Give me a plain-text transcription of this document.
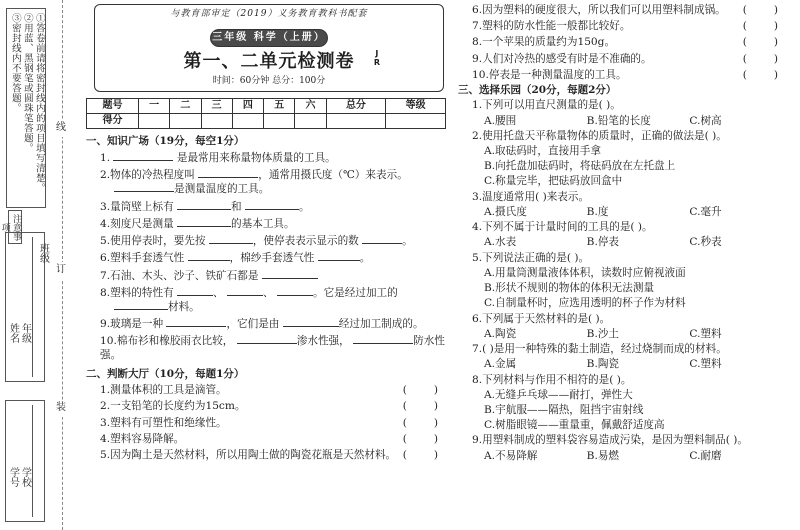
①答卷前请将密封线内的项目填写清楚。
②用蓝、黑钢笔或圆珠笔答题。
③密封线内不要答题。
注意事项
线
订
装
班级
年级
姓名
学校
学号
与教育部审定（2019）义务教育教科书配套
三年级 科学（上册）
第一、二单元检测卷	J
R
时间：60分钟 总分：100分
题号	一	二	三	四	五	六	总分	等级
得分								
一、知识广场（19分，每空1分）
1.	是最常用来称量物体质量的工具。
2.物体的冷热程度叫	，通常用摄氏度（℃）来表示。
是测量温度的工具。
3.量筒壁上标有	和	。
4.刻度尺是测量	的基本工具。
5.使用停表时，要先按	，使停表表示显示的数	。
6.塑料手套透气性	，棉纱手套透气性	。
7.石油、木头、沙子、铁矿石都是
8.塑料的特性有	、	、	。它是经过加工的
材料。
9.玻璃是一种	，它们是由	经过加工制成的。
10.棉布衫和橡胶雨衣比较，	渗水性强，	防水性强。
二、判断大厅（10分，每题1分）
1.测量体积的工具是滴管。	(        )
2.一支铅笔的长度约为15cm。	(        )
3.塑料有可塑性和绝缘性。	(        )
4.塑料容易降解。	(        )
5.因为陶土是天然材料，所以用陶土做的陶瓷花瓶是天然材料。 (        )
6.因为塑料的硬度很大，所以我们可以用塑料制成锅。 (        )
7.塑料的防水性能一般都比较好。	(        )
8.一个苹果的质量约为150g。	(        )
9.人们对冷热的感受有时是不准确的。	(        )
10.停表是一种测量温度的工具。	(        )
三、选择乐园（20分，每题2分）
1.下列可以用直尺测量的是( )。
A.腰围	B.铅笔的长度	C.树高
2.使用托盘天平称量物体的质量时，正确的做法是( )。
A.取砝码时，直接用手拿
B.向托盘加砝码时，将砝码放在左托盘上
C.称量完毕，把砝码放回盒中
3.温度通常用( )来表示。
A.摄氏度	B.度	C.毫升
4.下列不属于计量时间的工具的是( )。
A.水表	B.停表	C.秒表
5.下列说法正确的是( )。
A.用量筒测量液体体积，读数时应俯视液面
B.形状不规则的物体的体积无法测量
C.自制量杯时，应选用透明的杯子作为材料
6.下列属于天然材料的是( )。
A.陶瓷	B.沙土	C.塑料
7.( )是用一种特殊的黏土制造，经过烧制而成的材料。
A.金属	B.陶瓷	C.塑料
8.下列材料与作用不相符的是( )。
A.无缝乒乓球——耐打，弹性大
B.宇航服——隔热，阻挡宇宙射线
C.树脂眼镜——重量重，佩戴舒适度高
9.用塑料制成的塑料袋容易造成污染，是因为塑料制品( )。
A.不易降解	B.易燃	C.耐磨
